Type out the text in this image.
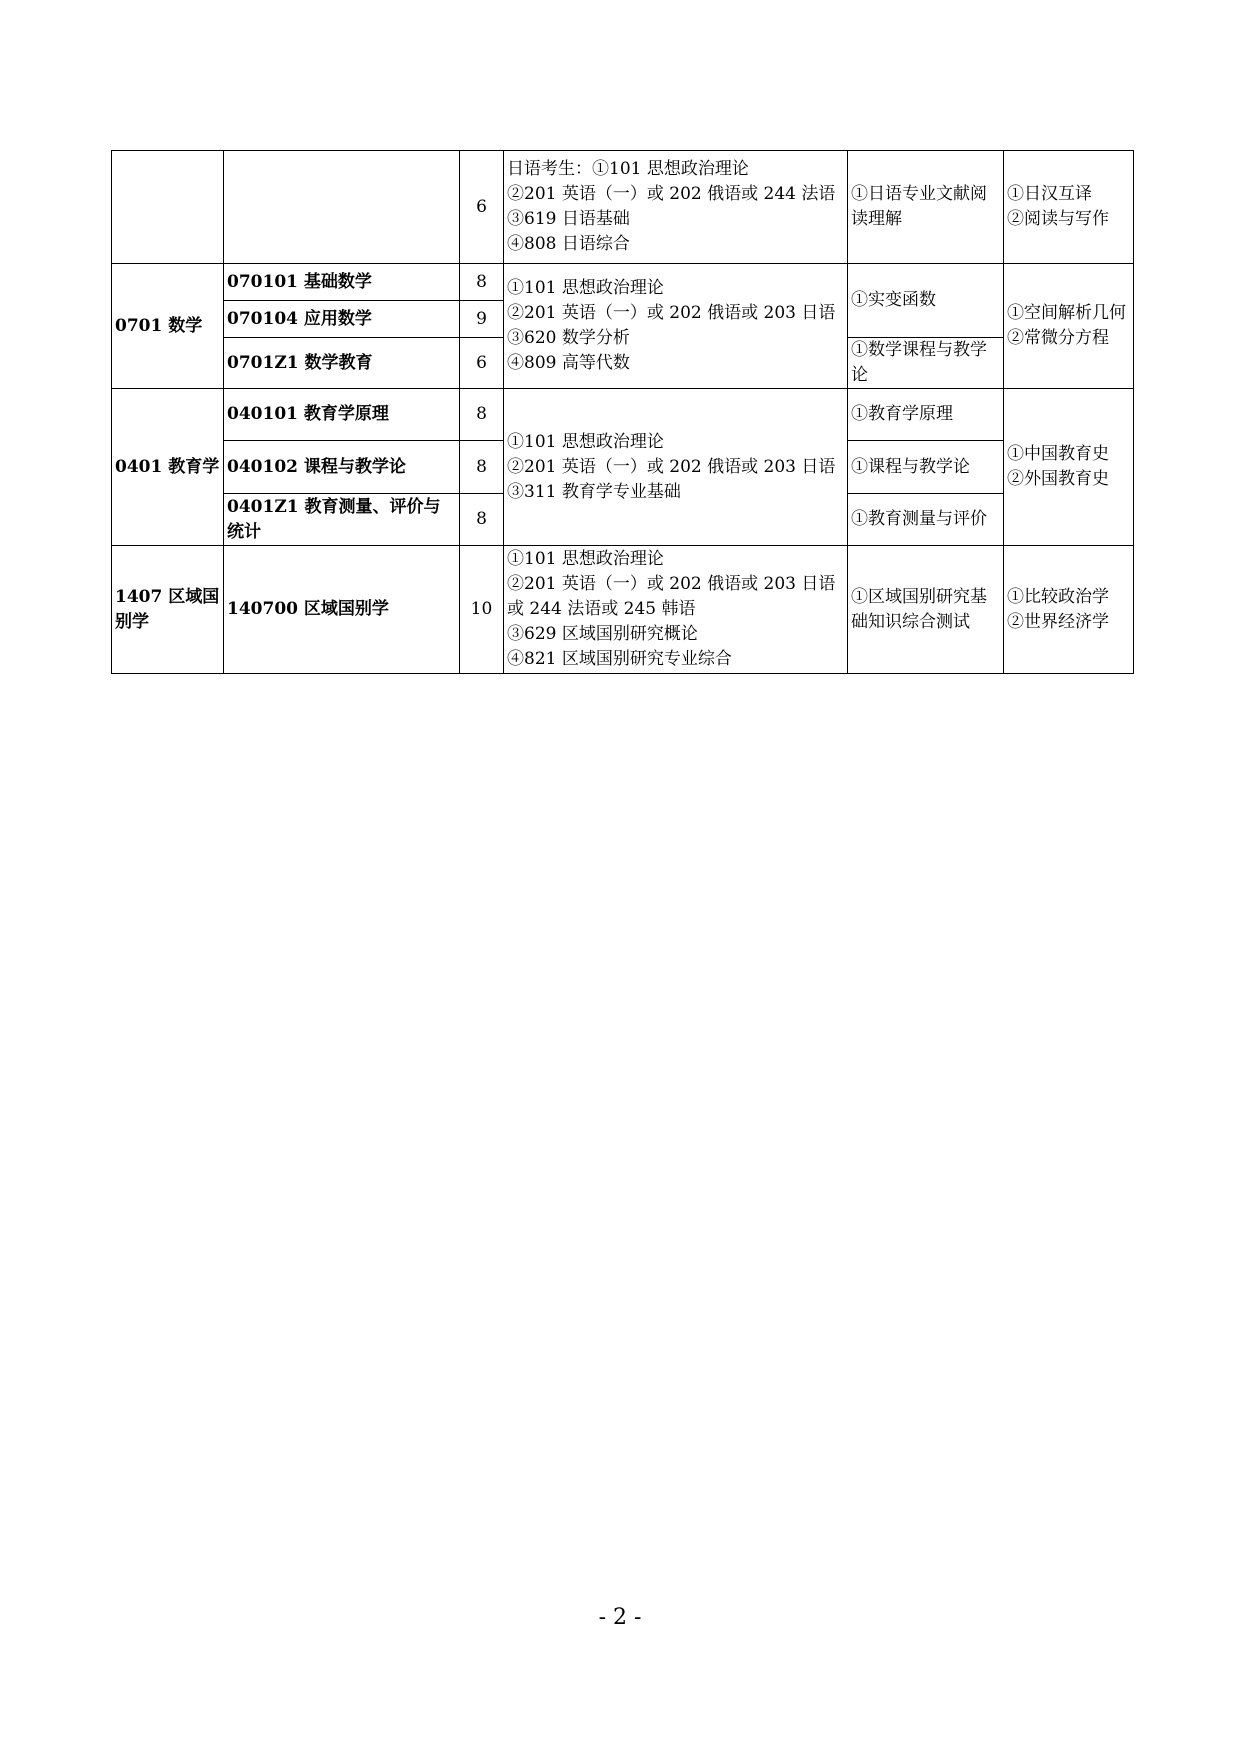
		6	日语考生：①101 思想政治理论
②201 英语（一）或 202 俄语或 244 法语
③619 日语基础
④808 日语综合	①日语专业文献阅读理解	①日汉互译
②阅读与写作

0701 数学	070101 基础数学	8	①101 思想政治理论
②201 英语（一）或 202 俄语或 203 日语
③620 数学分析
④809 高等代数	①实变函数	①空间解析几何
②常微分方程

	070104 应用数学	9			
	0701Z1 数学教育	6		①数学课程与教学论	
0401 教育学	040101 教育学原理	8	①101 思想政治理论
②201 英语（一）或 202 俄语或 203 日语
③311 教育学专业基础	①教育学原理	①中国教育史
②外国教育史

	040102 课程与教学论	8		①课程与教学论	
	0401Z1 教育测量、评价与统计	8		①教育测量与评价	
1407 区域国别学	140700 区域国别学	10	①101 思想政治理论
②201 英语（一）或 202 俄语或 203 日语
或 244 法语或 245 韩语
③629 区域国别研究概论
④821 区域国别研究专业综合	①区域国别研究基础知识综合测试	①比较政治学
②世界经济学
- 2 -
